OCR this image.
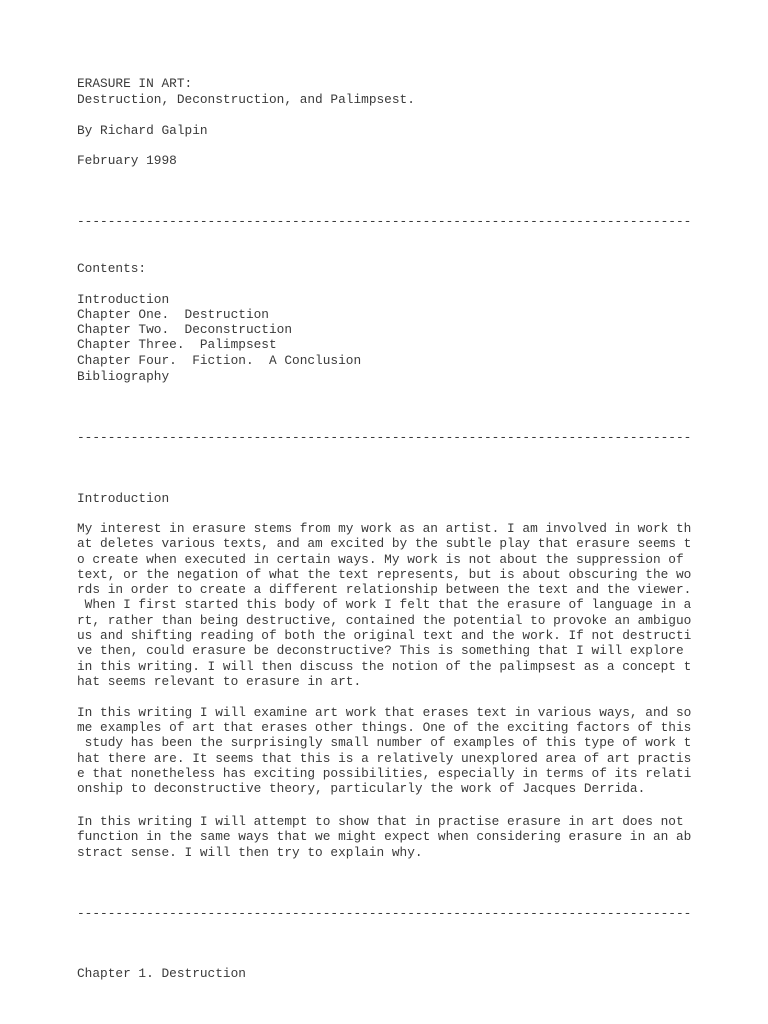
ERASURE IN ART:

Destruction, Deconstruction, and Palimpsest.

By Richard Galpin

February 1998

--------------------------------------------------------------------------------

Contents:

Introduction

Chapter One.  Destruction

Chapter Two.  Deconstruction

Chapter Three.  Palimpsest

Chapter Four.  Fiction.  A Conclusion

Bibliography

--------------------------------------------------------------------------------

Introduction

My interest in erasure stems from my work as an artist. I am involved in work th

at deletes various texts, and am excited by the subtle play that erasure seems t

o create when executed in certain ways. My work is not about the suppression of

text, or the negation of what the text represents, but is about obscuring the wo

rds in order to create a different relationship between the text and the viewer.

When I first started this body of work I felt that the erasure of language in a

rt, rather than being destructive, contained the potential to provoke an ambiguo

us and shifting reading of both the original text and the work. If not destructi

ve then, could erasure be deconstructive? This is something that I will explore

in this writing. I will then discuss the notion of the palimpsest as a concept t

hat seems relevant to erasure in art.

In this writing I will examine art work that erases text in various ways, and so

me examples of art that erases other things. One of the exciting factors of this

study has been the surprisingly small number of examples of this type of work t

hat there are. It seems that this is a relatively unexplored area of art practis

e that nonetheless has exciting possibilities, especially in terms of its relati

onship to deconstructive theory, particularly the work of Jacques Derrida.

In this writing I will attempt to show that in practise erasure in art does not

function in the same ways that we might expect when considering erasure in an ab

stract sense. I will then try to explain why.

--------------------------------------------------------------------------------

Chapter 1. Destruction
